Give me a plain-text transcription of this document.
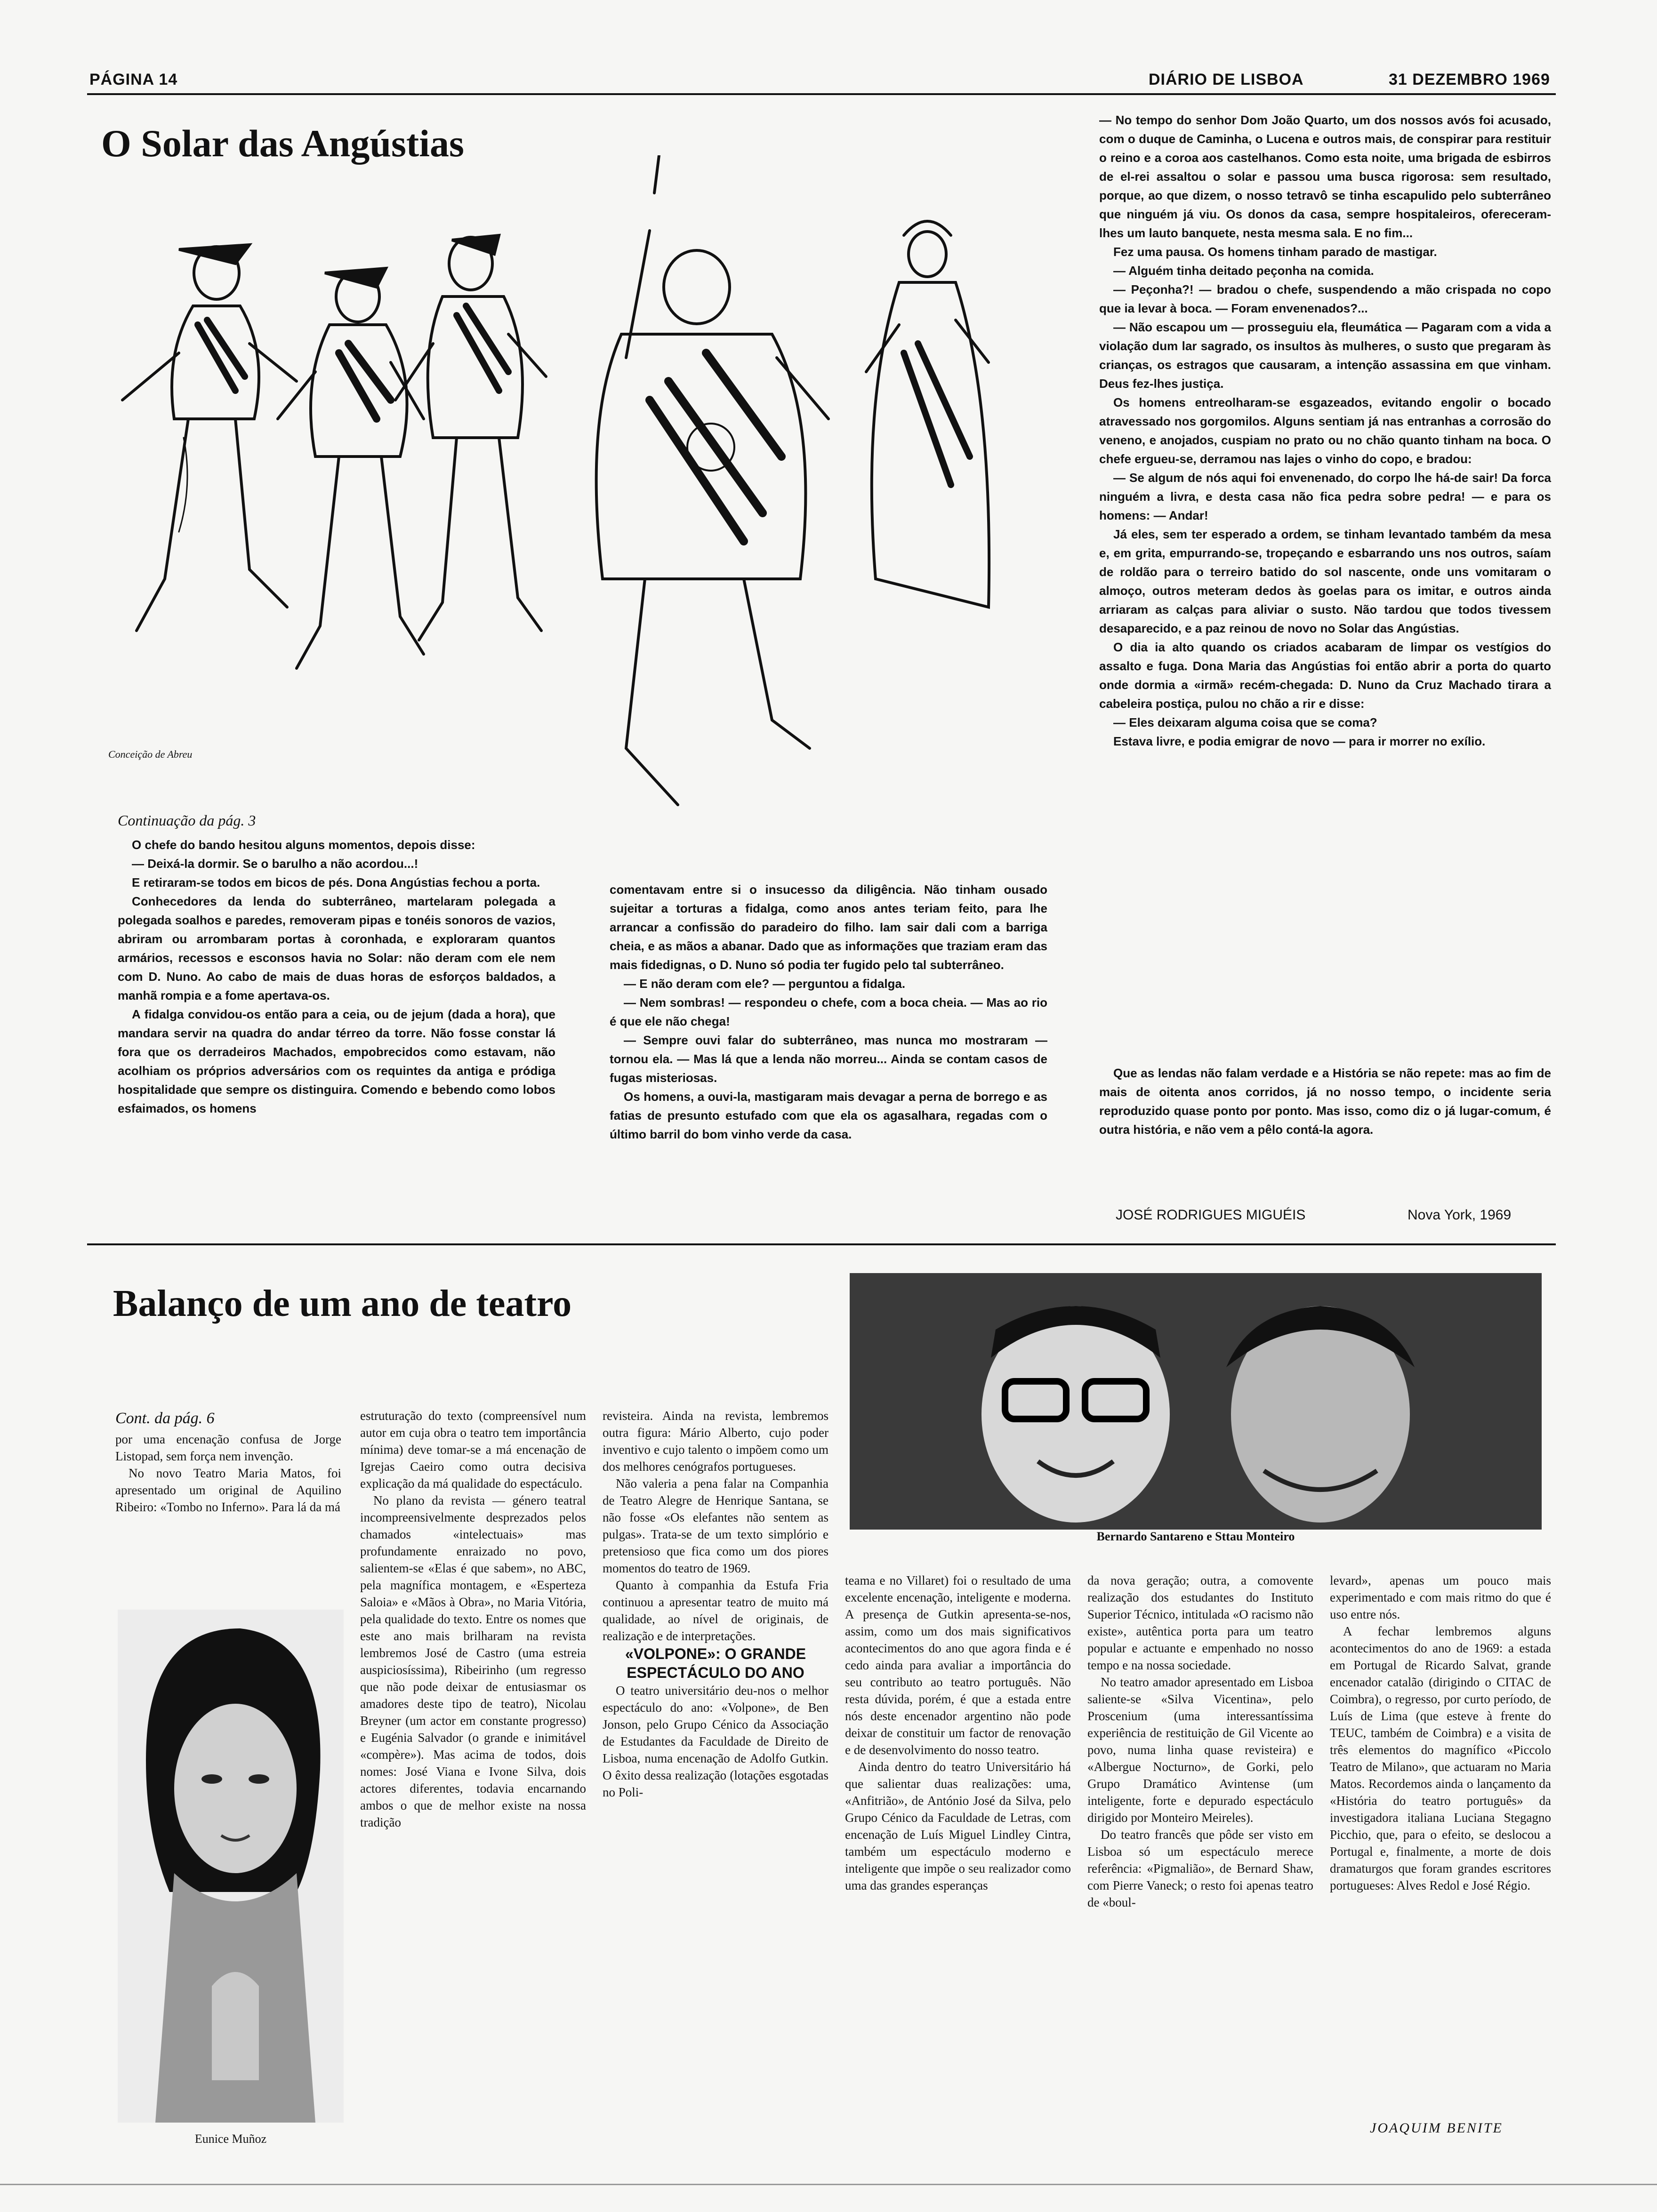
PÁGINA 14	DIÁRIO DE LISBOA	31 DEZEMBRO 1969
O Solar das Angústias
Conceição de Abreu
Continuação da pág. 3

O chefe do bando hesitou alguns momentos, depois disse:

— Deixá-la dormir. Se o barulho a não acordou...!

E retiraram-se todos em bicos de pés. Dona Angústias fechou a porta.

Conhecedores da lenda do subterrâneo, martelaram polegada a polegada soalhos e paredes, removeram pipas e tonéis sonoros de vazios, abriram ou arrombaram portas à coronhada, e exploraram quantos armários, recessos e esconsos havia no Solar: não deram com ele nem com D. Nuno. Ao cabo de mais de duas horas de esforços baldados, a manhã rompia e a fome apertava-os.

A fidalga convidou-os então para a ceia, ou de jejum (dada a hora), que mandara servir na quadra do andar térreo da torre. Não fosse constar lá fora que os derradeiros Machados, empobrecidos como estavam, não acolhiam os próprios adversários com os requintes da antiga e pródiga hospitalidade que sempre os distinguira. Comendo e bebendo como lobos esfaimados, os homens

comentavam entre si o insucesso da diligência. Não tinham ousado sujeitar a torturas a fidalga, como anos antes teriam feito, para lhe arrancar a confissão do paradeiro do filho. Iam sair dali com a barriga cheia, e as mãos a abanar. Dado que as informações que traziam eram das mais fidedignas, o D. Nuno só podia ter fugido pelo tal subterrâneo.

— E não deram com ele? — perguntou a fidalga.

— Nem sombras! — respondeu o chefe, com a boca cheia. — Mas ao rio é que ele não chega!

— Sempre ouvi falar do subterrâneo, mas nunca mo mostraram — tornou ela. — Mas lá que a lenda não morreu... Ainda se contam casos de fugas misteriosas.

Os homens, a ouvi-la, mastigaram mais devagar a perna de borrego e as fatias de presunto estufado com que ela os agasalhara, regadas com o último barril do bom vinho verde da casa.

— No tempo do senhor Dom João Quarto, um dos nossos avós foi acusado, com o duque de Caminha, o Lucena e outros mais, de conspirar para restituir o reino e a coroa aos castelhanos. Como esta noite, uma brigada de esbirros de el-rei assaltou o solar e passou uma busca rigorosa: sem resultado, porque, ao que dizem, o nosso tetravô se tinha escapulido pelo subterrâneo que ninguém já viu. Os donos da casa, sempre hospitaleiros, ofereceram-lhes um lauto banquete, nesta mesma sala. E no fim...

Fez uma pausa. Os homens tinham parado de mastigar.

— Alguém tinha deitado peçonha na comida.

— Peçonha?! — bradou o chefe, suspendendo a mão crispada no copo que ia levar à boca. — Foram envenenados?...

— Não escapou um — prosseguiu ela, fleumática — Pagaram com a vida a violação dum lar sagrado, os insultos às mulheres, o susto que pregaram às crianças, os estragos que causaram, a intenção assassina em que vinham. Deus fez-lhes justiça.

Os homens entreolharam-se esgazeados, evitando engolir o bocado atravessado nos gorgomilos. Alguns sentiam já nas entranhas a corrosão do veneno, e anojados, cuspiam no prato ou no chão quanto tinham na boca. O chefe ergueu-se, derramou nas lajes o vinho do copo, e bradou:

— Se algum de nós aqui foi envenenado, do corpo lhe há-de sair! Da forca ninguém a livra, e desta casa não fica pedra sobre pedra! — e para os homens: — Andar!

Já eles, sem ter esperado a ordem, se tinham levantado também da mesa e, em grita, empurrando-se, tropeçando e esbarrando uns nos outros, saíam de roldão para o terreiro batido do sol nascente, onde uns vomitaram o almoço, outros meteram dedos às goelas para os imitar, e outros ainda arriaram as calças para aliviar o susto. Não tardou que todos tivessem desaparecido, e a paz reinou de novo no Solar das Angústias.

O dia ia alto quando os criados acabaram de limpar os vestígios do assalto e fuga. Dona Maria das Angústias foi então abrir a porta do quarto onde dormia a «irmã» recém-chegada: D. Nuno da Cruz Machado tirara a cabeleira postiça, pulou no chão a rir e disse:

— Eles deixaram alguma coisa que se coma?

Estava livre, e podia emigrar de novo — para ir morrer no exílio.

Que as lendas não falam verdade e a História se não repete: mas ao fim de mais de oitenta anos corridos, já no nosso tempo, o incidente seria reproduzido quase ponto por ponto. Mas isso, como diz o já lugar-comum, é outra história, e não vem a pêlo contá-la agora.

JOSÉ RODRIGUES MIGUÉIS	Nova York, 1969
Balanço de um ano de teatro
Bernardo Santareno e Sttau Monteiro
Cont. da pág. 6

por uma encenação confusa de Jorge Listopad, sem força nem invenção.

No novo Teatro Maria Matos, foi apresentado um original de Aquilino Ribeiro: «Tombo no Inferno». Para lá da má

Eunice Muñoz

estruturação do texto (compreensível num autor em cuja obra o teatro tem importância mínima) deve tomar-se a má encenação de Igrejas Caeiro como outra decisiva explicação da má qualidade do espectáculo.

No plano da revista — género teatral incompreensivelmente desprezados pelos chamados «intelectuais» mas profundamente enraizado no povo, salientem-se «Elas é que sabem», no ABC, pela magnífica montagem, e «Esperteza Saloia» e «Mãos à Obra», no Maria Vitória, pela qualidade do texto. Entre os nomes que este ano mais brilharam na revista lembremos José de Castro (uma estreia auspiciosíssima), Ribeirinho (um regresso que não pode deixar de entusiasmar os amadores deste tipo de teatro), Nicolau Breyner (um actor em constante progresso) e Eugénia Salvador (o grande e inimitável «compère»). Mas acima de todos, dois nomes: José Viana e Ivone Silva, dois actores diferentes, todavia encarnando ambos o que de melhor existe na nossa tradição

revisteira. Ainda na revista, lembremos outra figura: Mário Alberto, cujo poder inventivo e cujo talento o impõem como um dos melhores cenógrafos portugueses.

Não valeria a pena falar na Companhia de Teatro Alegre de Henrique Santana, se não fosse «Os elefantes não sentem as pulgas». Trata-se de um texto simplório e pretensioso que fica como um dos piores momentos do teatro de 1969.

Quanto à companhia da Estufa Fria continuou a apresentar teatro de muito má qualidade, ao nível de originais, de realização e de interpretações.

«VOLPONE»: O GRANDE ESPECTÁCULO DO ANO

O teatro universitário deu-nos o melhor espectáculo do ano: «Volpone», de Ben Jonson, pelo Grupo Cénico da Associação de Estudantes da Faculdade de Direito de Lisboa, numa encenação de Adolfo Gutkin. O êxito dessa realização (lotações esgotadas no Poli-

teama e no Villaret) foi o resultado de uma excelente encenação, inteligente e moderna. A presença de Gutkin apresenta-se-nos, assim, como um dos mais significativos acontecimentos do ano que agora finda e é cedo ainda para avaliar a importância do seu contributo ao teatro português. Não resta dúvida, porém, é que a estada entre nós deste encenador argentino não pode deixar de constituir um factor de renovação e de desenvolvimento do nosso teatro.

Ainda dentro do teatro Universitário há que salientar duas realizações: uma, «Anfitrião», de António José da Silva, pelo Grupo Cénico da Faculdade de Letras, com encenação de Luís Miguel Lindley Cintra, também um espectáculo moderno e inteligente que impõe o seu realizador como uma das grandes esperanças

da nova geração; outra, a comovente realização dos estudantes do Instituto Superior Técnico, intitulada «O racismo não existe», autêntica porta para um teatro popular e actuante e empenhado no nosso tempo e na nossa sociedade.

No teatro amador apresentado em Lisboa salientе-se «Silva Vicentina», pelo Proscenium (uma interessantíssima experiência de restituição de Gil Vicente ao povo, numa linha quase revisteira) e «Albergue Nocturno», de Gorki, pelo Grupo Dramático Avintense (um inteligente, forte e depurado espectáculo dirigido por Monteiro Meireles).

Do teatro francês que pôde ser visto em Lisboa só um espectáculo merece referência: «Pigmalião», de Bernard Shaw, com Pierre Vaneck; o resto foi apenas teatro de «boul-

levard», apenas um pouco mais experimentado e com mais ritmo do que é uso entre nós.

A fechar lembremos alguns acontecimentos do ano de 1969: a estada em Portugal de Ricardo Salvat, grande encenador catalão (dirigindo o CITAC de Coimbra), o regresso, por curto período, de Luís de Lima (que esteve à frente do TEUC, também de Coimbra) e a visita de três elementos do magnífico «Piccolo Teatro de Milano», que actuaram no Maria Matos. Recordemos ainda o lançamento da «História do teatro português» da investigadora italiana Luciana Stegagno Picchio, que, para o efeito, se deslocou a Portugal e, finalmente, a morte de dois dramaturgos que foram grandes escritores portugueses: Alves Redol e José Régio.

JOAQUIM BENITE
